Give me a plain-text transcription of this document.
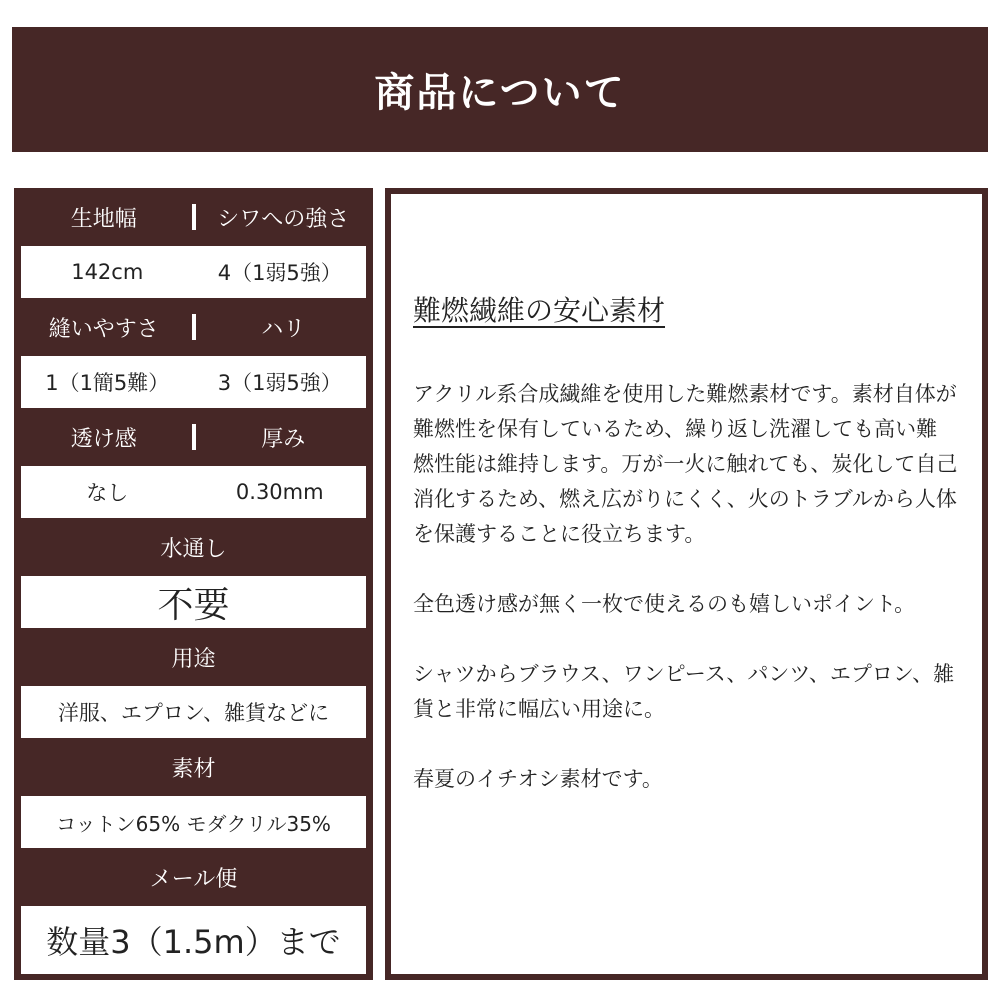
商品について
生地幅	シワへの強さ
142cm	4（1弱5強）
縫いやすさ	ハリ
1（1簡5難）	3（1弱5強）
透け感	厚み
なし	0.30mm
水通し
不要
用途
洋服、エプロン、雑貨などに
素材
コットン65% モダクリル35%
メール便
数量3（1.5m）まで
難燃繊維の安心素材

アクリル系合成繊維を使用した難燃素材です。素材自体が難燃性を保有しているため、繰り返し洗濯しても高い難燃性能は維持します。万が一火に触れても、炭化して自己消化するため、燃え広がりにくく、火のトラブルから人体を保護することに役立ちます。

全色透け感が無く一枚で使えるのも嬉しいポイント。

シャツからブラウス、ワンピース、パンツ、エプロン、雑貨と非常に幅広い用途に。

春夏のイチオシ素材です。
